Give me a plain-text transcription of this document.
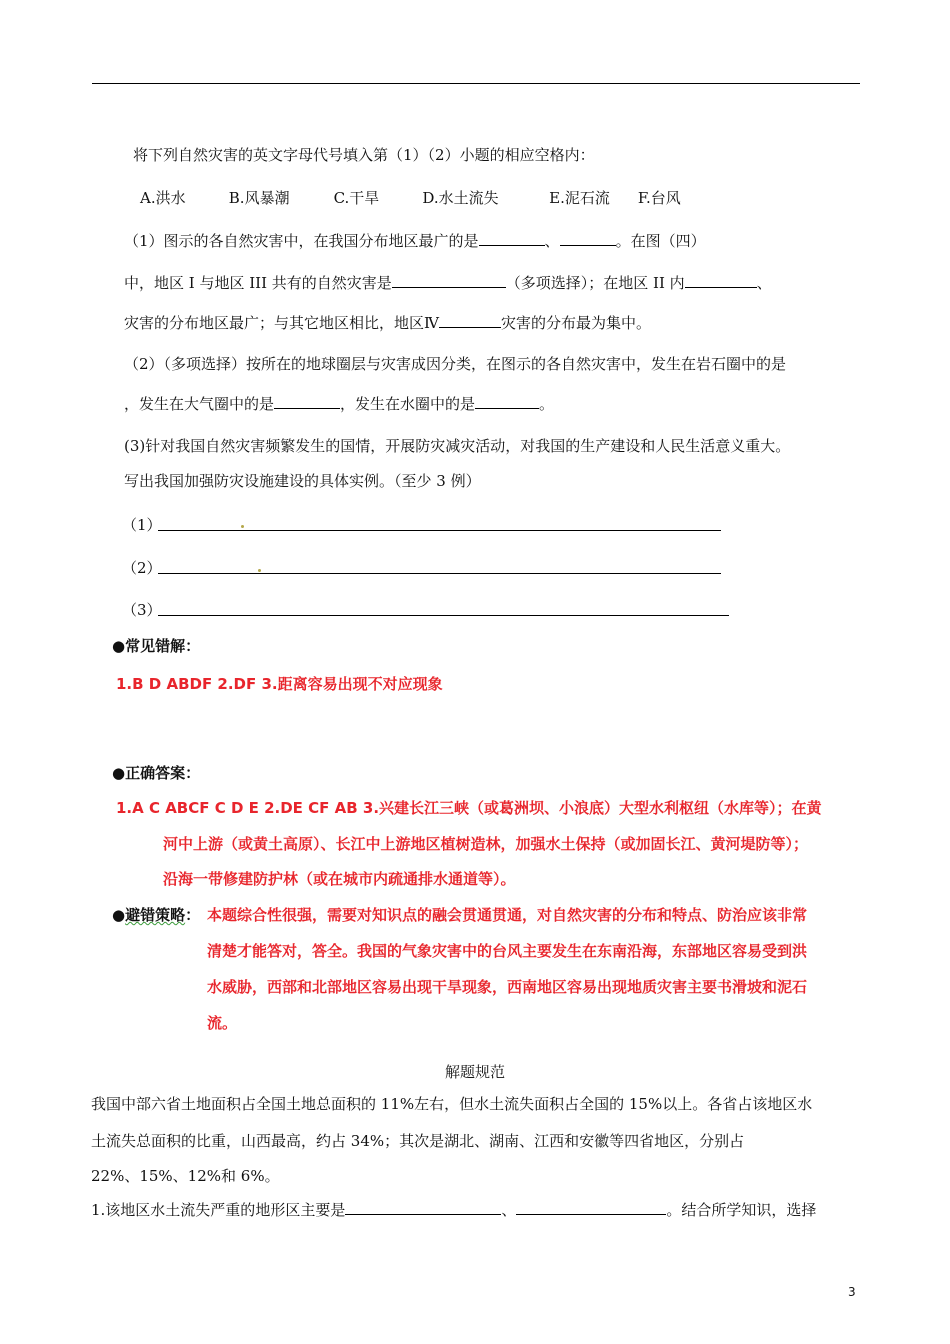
将下列自然灾害的英文字母代号填入第（1）（2）小题的相应空格内：
A.洪水	B.风暴潮	C.干旱	D.水土流失	E.泥石流 F.台风
（1）图示的各自然灾害中，在我国分布地区最广的是	、	。在图（四）
中，地区 I 与地区 III 共有的自然灾害是	（多项选择）；在地区 II 内	、
灾害的分布地区最广；与其它地区相比，地区Ⅳ	灾害的分布最为集中。
（2）（多项选择）按所在的地球圈层与灾害成因分类，在图示的各自然灾害中，发生在岩石圈中的是
，发生在大气圈中的是	，发生在水圈中的是	。
(3)针对我国自然灾害频繁发生的国情，开展防灾减灾活动，对我国的生产建设和人民生活意义重大。
写出我国加强防灾设施建设的具体实例。（至少 3 例）
（1）
（2）
（3）
●常见错解：
1.B D ABDF 2.DF 3.距离容易出现不对应现象
●正确答案：
1.A C ABCF C D E 2.DE CF AB 3.兴建长江三峡（或葛洲坝、小浪底）大型水利枢纽（水库等）；在黄
河中上游（或黄土高原）、长江中上游地区植树造林，加强水土保持（或加固长江、黄河堤防等）；
沿海一带修建防护林（或在城市内疏通排水通道等）。
●避错策略： 本题综合性很强，需要对知识点的融会贯通贯通，对自然灾害的分布和特点、防治应该非常
清楚才能答对，答全。我国的气象灾害中的台风主要发生在东南沿海，东部地区容易受到洪
水威胁，西部和北部地区容易出现干旱现象，西南地区容易出现地质灾害主要书滑坡和泥石
流。
解题规范
我国中部六省土地面积占全国土地总面积的 11%左右，但水土流失面积占全国的 15%以上。各省占该地区水
土流失总面积的比重，山西最高，约占 34%；其次是湖北、湖南、江西和安徽等四省地区，分别占
22%、15%、12%和 6%。
1.该地区水土流失严重的地形区主要是	、	。结合所学知识，选择
3
